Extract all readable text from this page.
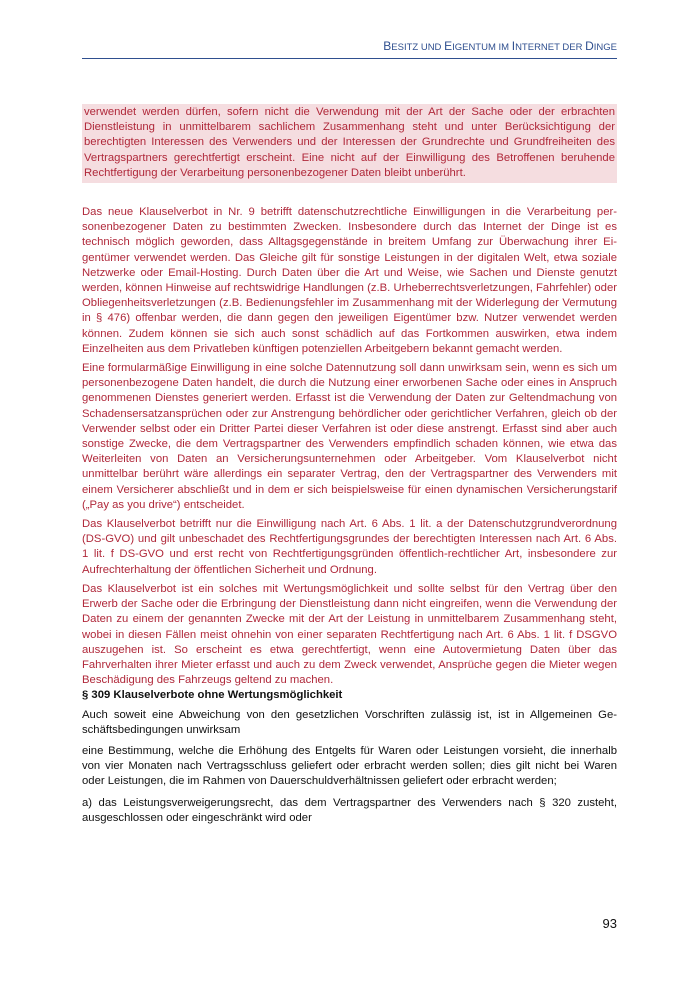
BESITZ UND EIGENTUM IM INTERNET DER DINGE
verwendet werden dürfen, sofern nicht die Verwendung mit der Art der Sache oder der erbrachten Dienstleistung in unmittelbarem sachlichem Zusammenhang steht und unter Berücksichtigung der berechtigten Interessen des Verwenders und der Interessen der Grundrechte und Grundfreiheiten des Vertragspartners gerechtfertigt erscheint. Eine nicht auf der Einwilligung des Betroffenen beruhende Rechtfertigung der Verarbeitung personenbezogener Daten bleibt unberührt.
Das neue Klauselverbot in Nr. 9 betrifft datenschutzrechtliche Einwilligungen in die Verarbeitung personenbezogener Daten zu bestimmten Zwecken. Insbesondere durch das Internet der Dinge ist es technisch möglich geworden, dass Alltagsgegenstände in breitem Umfang zur Überwachung ihrer Eigentümer verwendet werden. Das Gleiche gilt für sonstige Leistungen in der digitalen Welt, etwa soziale Netzwerke oder Email-Hosting. Durch Daten über die Art und Weise, wie Sachen und Dienste genutzt werden, können Hinweise auf rechtswidrige Handlungen (z.B. Urheberrechtsverletzungen, Fahrfehler) oder Obliegenheitsverletzungen (z.B. Bedienungsfehler im Zusammenhang mit der Widerlegung der Vermutung in § 476) offenbar werden, die dann gegen den jeweiligen Eigentümer bzw. Nutzer verwendet werden können. Zudem können sie sich auch sonst schädlich auf das Fortkommen auswirken, etwa indem Einzelheiten aus dem Privatleben künftigen potenziellen Arbeitgebern bekannt gemacht werden.
Eine formularmäßige Einwilligung in eine solche Datennutzung soll dann unwirksam sein, wenn es sich um personenbezogene Daten handelt, die durch die Nutzung einer erworbenen Sache oder eines in Anspruch genommenen Dienstes generiert werden. Erfasst ist die Verwendung der Daten zur Geltendmachung von Schadensersatzansprüchen oder zur Anstrengung behördlicher oder gerichtlicher Verfahren, gleich ob der Verwender selbst oder ein Dritter Partei dieser Verfahren ist oder diese anstrengt. Erfasst sind aber auch sonstige Zwecke, die dem Vertragspartner des Verwenders empfindlich schaden können, wie etwa das Weiterleiten von Daten an Versicherungsunternehmen oder Arbeitgeber. Vom Klauselverbot nicht unmittelbar berührt wäre allerdings ein separater Vertrag, den der Vertragspartner des Verwenders mit einem Versicherer abschließt und in dem er sich beispielsweise für einen dynamischen Versicherungstarif („Pay as you drive“) entscheidet.
Das Klauselverbot betrifft nur die Einwilligung nach Art. 6 Abs. 1 lit. a der Datenschutzgrundverordnung (DS-GVO) und gilt unbeschadet des Rechtfertigungsgrundes der berechtigten Interessen nach Art. 6 Abs. 1 lit. f DS-GVO und erst recht von Rechtfertigungsgründen öffentlich-rechtlicher Art, insbesondere zur Aufrechterhaltung der öffentlichen Sicherheit und Ordnung.
Das Klauselverbot ist ein solches mit Wertungsmöglichkeit und sollte selbst für den Vertrag über den Erwerb der Sache oder die Erbringung der Dienstleistung dann nicht eingreifen, wenn die Verwendung der Daten zu einem der genannten Zwecke mit der Art der Leistung in unmittelbarem Zusammenhang steht, wobei in diesen Fällen meist ohnehin von einer separaten Rechtfertigung nach Art. 6 Abs. 1 lit. f DSGVO auszugehen ist. So erscheint es etwa gerechtfertigt, wenn eine Autovermietung Daten über das Fahrverhalten ihrer Mieter erfasst und auch zu dem Zweck verwendet, Ansprüche gegen die Mieter wegen Beschädigung des Fahrzeugs geltend zu machen.
§ 309 Klauselverbote ohne Wertungsmöglichkeit
Auch soweit eine Abweichung von den gesetzlichen Vorschriften zulässig ist, ist in Allgemeinen Geschäftsbedingungen unwirksam
eine Bestimmung, welche die Erhöhung des Entgelts für Waren oder Leistungen vorsieht, die innerhalb von vier Monaten nach Vertragsschluss geliefert oder erbracht werden sollen; dies gilt nicht bei Waren oder Leistungen, die im Rahmen von Dauerschuldverhältnissen geliefert oder erbracht werden;
a) das Leistungsverweigerungsrecht, das dem Vertragspartner des Verwenders nach § 320 zusteht, ausgeschlossen oder eingeschränkt wird oder
93
